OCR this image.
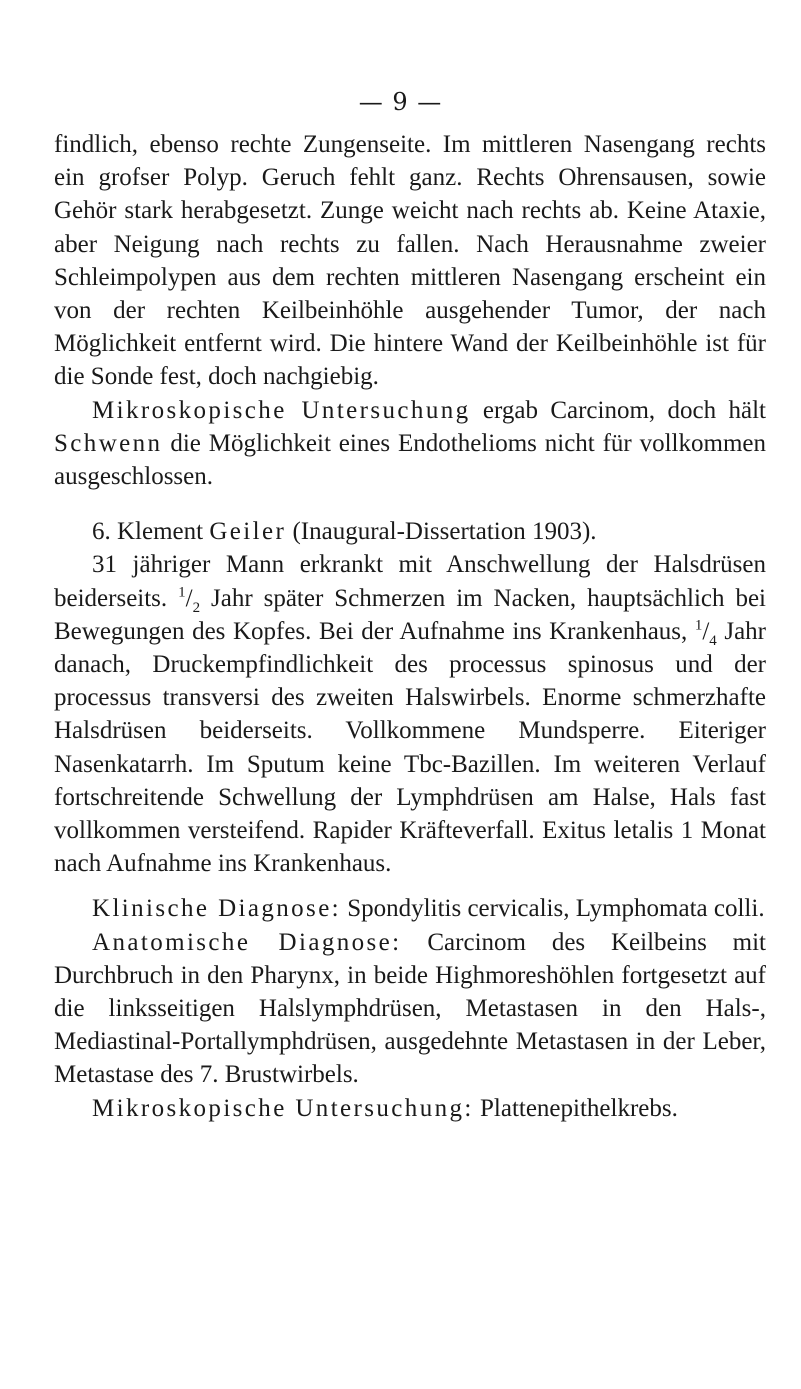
— 9 —

findlich, ebenso rechte Zungenseite. Im mittleren Nasengang rechts ein grofser Polyp. Geruch fehlt ganz. Rechts Ohrensausen, sowie Gehör stark herabgesetzt. Zunge weicht nach rechts ab. Keine Ataxie, aber Neigung nach rechts zu fallen. Nach Herausnahme zweier Schleimpolypen aus dem rechten mittleren Nasengang erscheint ein von der rechten Keilbeinhöhle ausgehender Tumor, der nach Möglichkeit entfernt wird. Die hintere Wand der Keilbeinhöhle ist für die Sonde fest, doch nachgiebig.

Mikroskopische Untersuchung ergab Carcinom, doch hält Schwenn die Möglichkeit eines Endothelioms nicht für vollkommen ausgeschlossen.

6. Klement Geiler (Inaugural-Dissertation 1903).

31 jähriger Mann erkrankt mit Anschwellung der Halsdrüsen beiderseits. $^1/_2$ Jahr später Schmerzen im Nacken, hauptsächlich bei Bewegungen des Kopfes. Bei der Aufnahme ins Krankenhaus, $^1/_4$ Jahr danach, Druckempfindlichkeit des processus spinosus und der processus transversi des zweiten Halswirbels. Enorme schmerzhafte Halsdrüsen beiderseits. Vollkommene Mundsperre. Eiteriger Nasenkatarrh. Im Sputum keine Tbc-Bazillen. Im weiteren Verlauf fortschreitende Schwellung der Lymphdrüsen am Halse, Hals fast vollkommen versteifend. Rapider Kräfteverfall. Exitus letalis 1 Monat nach Aufnahme ins Krankenhaus.

Klinische Diagnose: Spondylitis cervicalis, Lymphomata colli.

Anatomische Diagnose: Carcinom des Keilbeins mit Durchbruch in den Pharynx, in beide Highmoreshöhlen fortgesetzt auf die linksseitigen Halslymphdrüsen, Metastasen in den Hals-, Mediastinal-Portallymphdrüsen, ausgedehnte Metastasen in der Leber, Metastase des 7. Brustwirbels.

Mikroskopische Untersuchung: Plattenepithelkrebs.
